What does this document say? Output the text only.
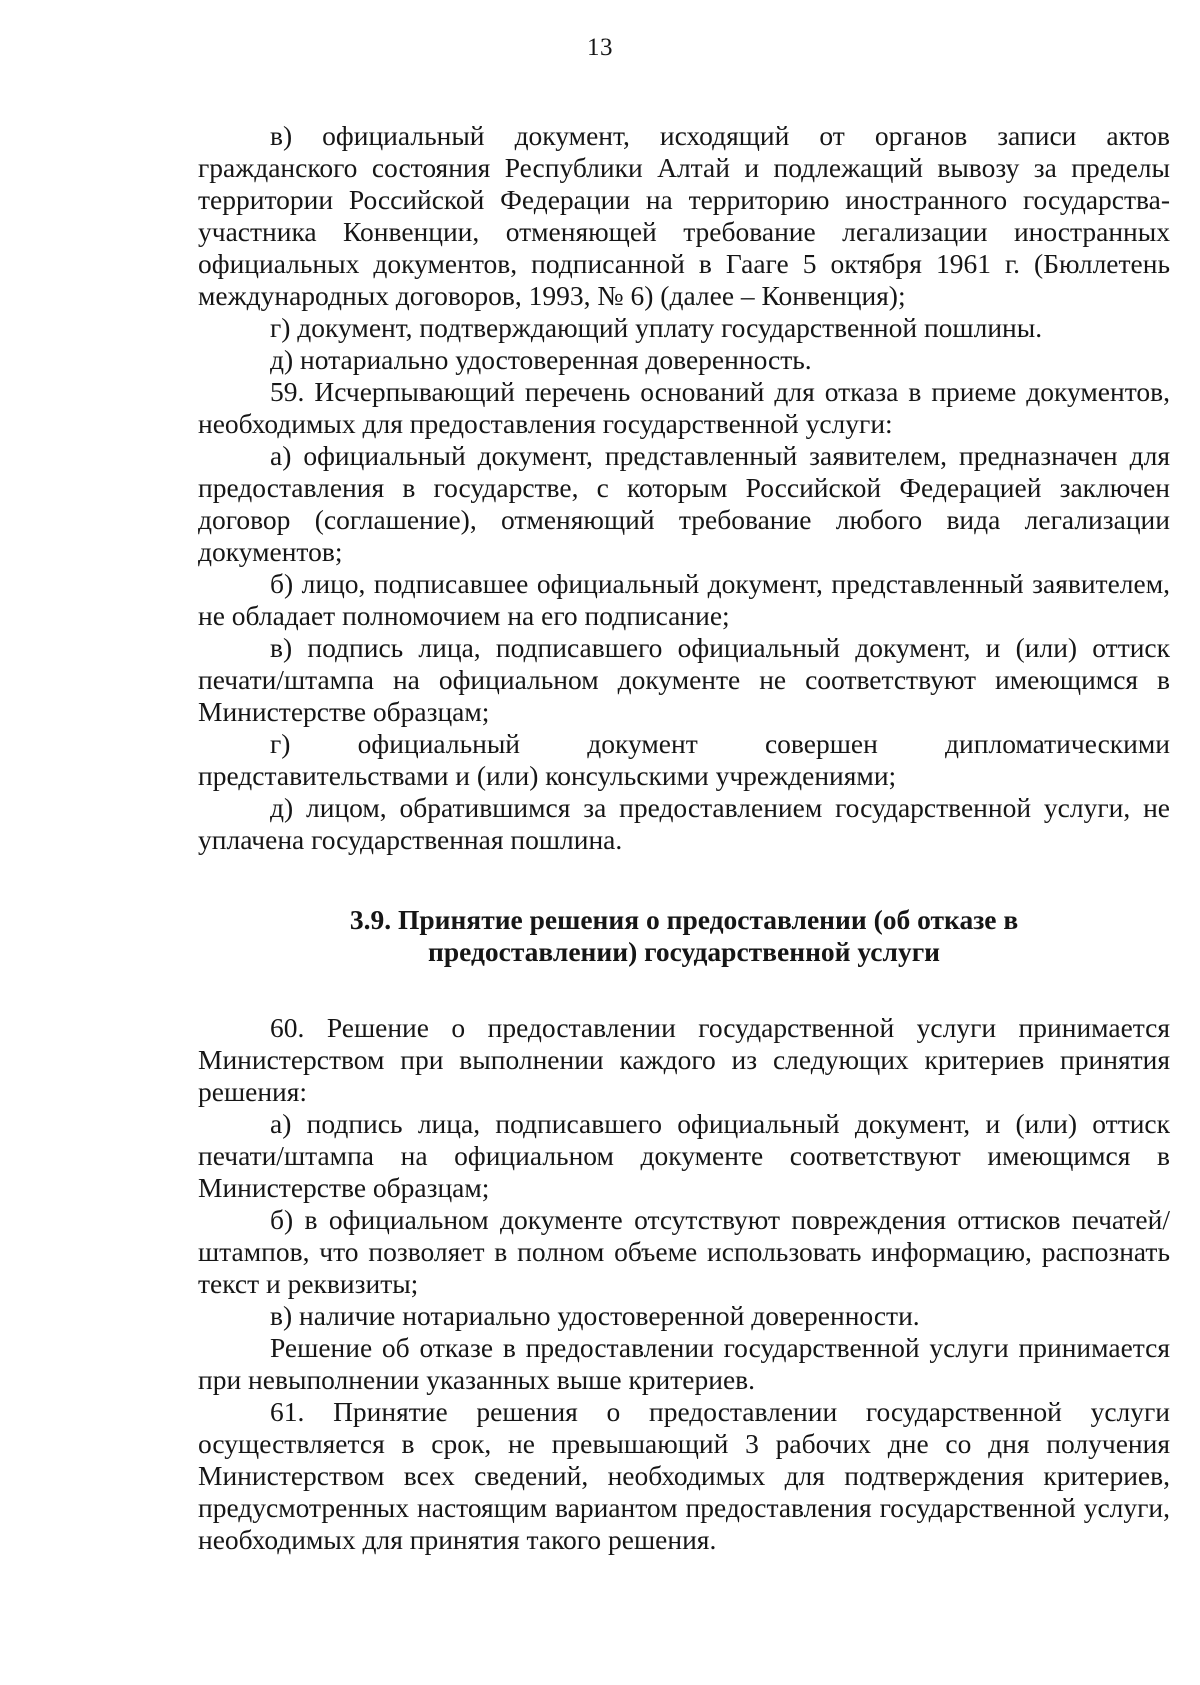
13

в) официальный документ, исходящий от органов записи актов гражданского состояния Республики Алтай и подлежащий вывозу за пределы территории Российской Федерации на территорию иностранного государства-участника Конвенции, отменяющей требование легализации иностранных официальных документов, подписанной в Гааге 5 октября 1961 г. (Бюллетень международных договоров, 1993, № 6) (далее – Конвенция);

г) документ, подтверждающий уплату государственной пошлины.

д) нотариально удостоверенная доверенность.

59. Исчерпывающий перечень оснований для отказа в приеме документов, необходимых для предоставления государственной услуги:

а) официальный документ, представленный заявителем, предназначен для предоставления в государстве, с которым Российской Федерацией заключен договор (соглашение), отменяющий требование любого вида легализации документов;

б) лицо, подписавшее официальный документ, представленный заявителем, не обладает полномочием на его подписание;

в) подпись лица, подписавшего официальный документ, и (или) оттиск печати/штампа на официальном документе не соответствуют имеющимся в Министерстве образцам;

г) официальный документ совершен дипломатическими представительствами и (или) консульскими учреждениями;

д) лицом, обратившимся за предоставлением государственной услуги, не уплачена государственная пошлина.

3.9. Принятие решения о предоставлении (об отказе в
предоставлении) государственной услуги

60. Решение о предоставлении государственной услуги принимается Министерством при выполнении каждого из следующих критериев принятия решения:

а) подпись лица, подписавшего официальный документ, и (или) оттиск печати/штампа на официальном документе соответствуют имеющимся в Министерстве образцам;

б) в официальном документе отсутствуют повреждения оттисков печатей/штампов, что позволяет в полном объеме использовать информацию, распознать текст и реквизиты;

в) наличие нотариально удостоверенной доверенности.

Решение об отказе в предоставлении государственной услуги принимается при невыполнении указанных выше критериев.

61. Принятие решения о предоставлении государственной услуги осуществляется в срок, не превышающий 3 рабочих дне со дня получения Министерством всех сведений, необходимых для подтверждения критериев, предусмотренных настоящим вариантом предоставления государственной услуги, необходимых для принятия такого решения.
